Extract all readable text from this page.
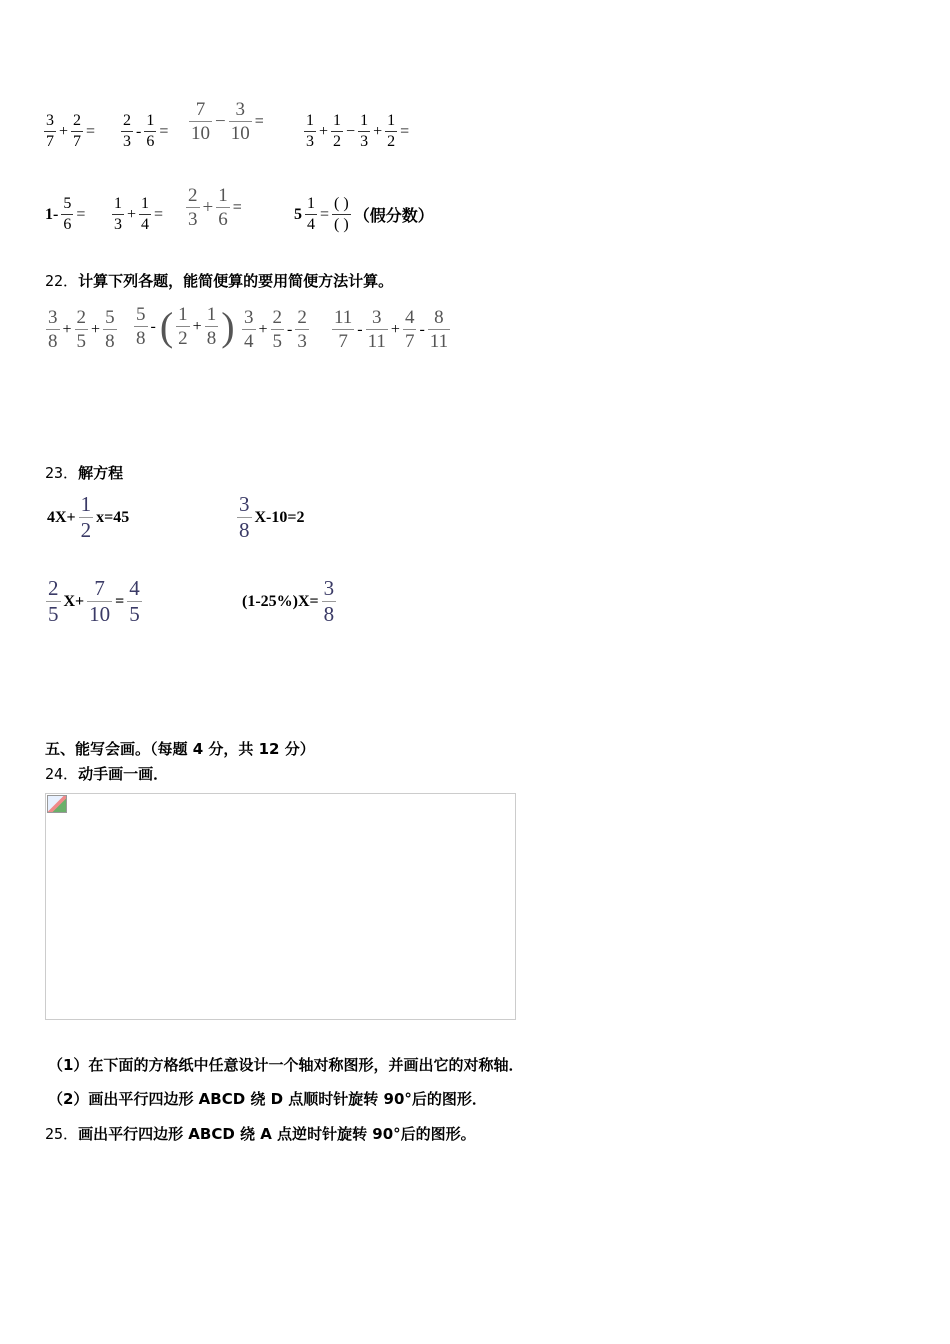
$\frac{3}{7} + \frac{2}{7} = \frac{2}{3} - \frac{1}{6} = \frac{7}{10} - \frac{3}{10}$ =	$\frac{1}{3} + \frac{1}{2} - \frac{1}{3} + \frac{1}{2}$ =
$1- \frac{5}{6} = \frac{1}{3} + \frac{1}{4} = \frac{2}{3} + \frac{1}{6}$ =	$5 \frac{1}{4} = \frac{( )}{( )}$ （假分数）
22．计算下列各题，能简便算的要用简便方法计算。
$\frac{3}{8} + \frac{2}{5} + \frac{5}{8} \frac{5}{8}$ - ( $\frac{1}{2} + \frac{1}{8}$ ) $\frac{3}{4} + \frac{2}{5} - \frac{2}{3} \frac{11}{7} - \frac{3}{11} + \frac{4}{7} - \frac{8}{11}$
23．解方程
$4X+ \frac{1}{2} x=45$	$\frac{3}{8} X-10=2$
$\frac{2}{5} X+ \frac{7}{10} = \frac{4}{5}$	$(1-25\%)X= \frac{3}{8}$
五、能写会画。（每题 4 分，共 12 分）
24．动手画一画．
（1）在下面的方格纸中任意设计一个轴对称图形，并画出它的对称轴．
（2）画出平行四边形 ABCD 绕 D 点顺时针旋转 90°后的图形．
25．画出平行四边形 ABCD 绕 A 点逆时针旋转 90°后的图形。
